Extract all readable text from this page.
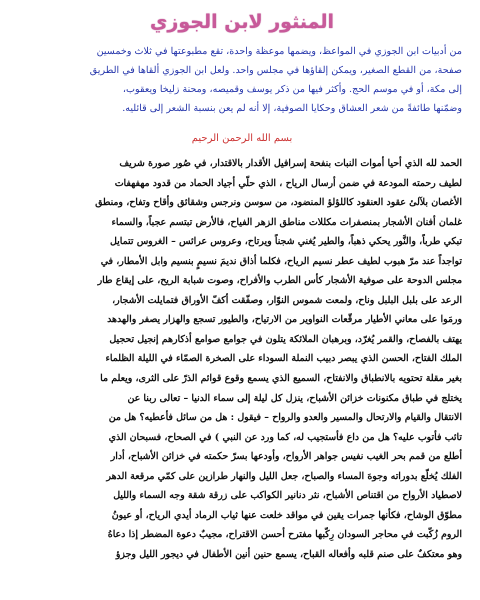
المنثور لابن الجوزي

من أدبيات ابن الجوزي في المواعظ، ويضمها موعظة واحدة، تقع مطبوعتها في ثلاث وخمسين

صفحة، من القطع الصغير، ويمكن إلقاؤها في مجلس واحد. ولعل ابن الجوزي ألقاها في الطريق

إلى مكة، أو في موسم الحج. وأكثر فيها من ذكر يوسف وقميصه، ومحنة زليخا ويعقوب،

وضمّنها طائفةً من شعر العشاق وحكايا الصوفية، إلا أنه لم يعن بنسبة الشعر إلى قائليه.

بسم الله الرحمن الرحيم

الحمد لله الذي أحيا أموات النبات بنفحة إسرافيل الأقدار بالاقتدار، في صُور صورة شريف

لطيف رحمته المودعة في ضمن أرسال الرياح ، الذي حلّي أجياد الحماد من قدود مهفهفات

الأغصان بلآلئ عقود العنقود كاللؤلؤ المنضود، من سوسن ونرجس وشقائق وأقاح وتفاح، ومنطق

غلمان أفنان الأشجار بمنصفرات مكللات مناطق الزهر الفياح، فالأرض تبتسم عجباً، والسماء

تبكي طرباً، والنَّور يحكي ذهباً، والطير يُغني شجناً ويرتاح، وعروس عرائس – الغروس تتمايل

تواجداً عند مرّ هبوب لطيف عطر نسيم الرياح، فكلما أذاق نديمَ نسيمٍ بنسيم وابل الأمطار، في

مجلس الدوحة على صوفية الأشجار كأس الطرب والأفراح، وصوت شبابة الريح، على إيقاع طار

الرعد على بلبل البلبل وناح، ولمعت شموس النوّار، وصفّقت أكفّ الأوراق فتمايلت الأشجار،

ورمَوا على معاني الأطيار مرقّعات النواوير من الارتياح، والطيور تسجع والهزار يصفر والهدهد

يهتف بالفصاح، والقمر يُغرّد، وبرهبان الملائكة يتلون في جوامع صوامع أذكارهم إنجيل تحجيل

الملك الفتاح، الحسن الذي يبصر دبيب النملة السوداء على الصخرة الصمّاء في الليلة الظلماء

بغير مقلة تحتويه بالانطباق والانفتاح، السميع الذي يسمع وقوع قوائم الذرّ على الثرى، ويعلم ما

يختلج في طباق مكنونات خزائن الأشباح، ينزل كل ليلة إلى سماء الدنيا – تعالى ربنا عن

الانتقال والقيام والارتحال والمسير والعدو والرواح – فيقول : هل من سائل فأعطيه؟ هل من

تائب فأتوب عليه؟ هل من داع فأستجيب له، كما ورد عن النبي ) في الصحاح، فسبحان الذي

أطلع من قمم بحر الغيب نفيس جواهر الأرواح، وأودعها بسرّ حكمته في خزائن الأشباح، أدار

الفلك يُخلّع بدوراته وجوهَ المساء والصباح، جعل الليل والنهار طرازين على كمّي مرقعة الدهر

لاصطياد الأرواح من اقتناص الأشباح، نثر دنانير الكواكب على زرقة شقة وجه السماء والليل

مطوّق الوشاح، فكأنها جمرات يقين في مواقد خلعت عنها ثياب الرماد أيدي الرياح، أو عيونُ

الروم زُكّبت في محاجر السودان رِكّبها مفترح أحسن الاقتراح، مجيبٌ دعوة المضطر إذا دعاهُ

وهو معتكفٌ على صنم قلبه وأفعاله القباح، يسمع حنين أنين الأطفال في ديجور الليل وجزؤ
